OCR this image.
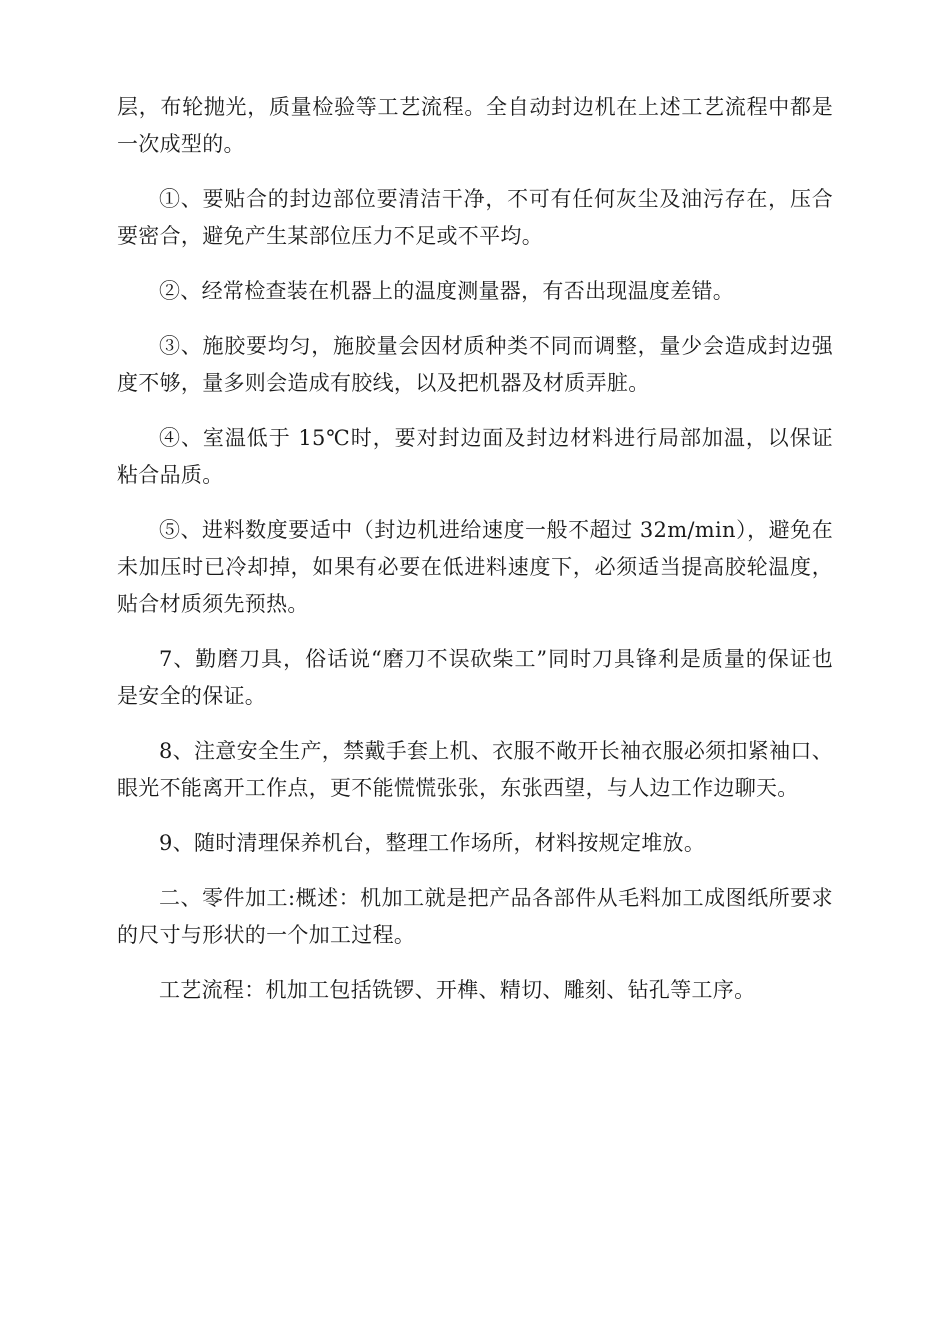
层，布轮抛光，质量检验等工艺流程。全自动封边机在上述工艺流程中都是一次成型的。

①、要贴合的封边部位要清洁干净，不可有任何灰尘及油污存在，压合要密合，避免产生某部位压力不足或不平均。

②、经常检查装在机器上的温度测量器，有否出现温度差错。

③、施胶要均匀，施胶量会因材质种类不同而调整，量少会造成封边强度不够，量多则会造成有胶线，以及把机器及材质弄脏。

④、室温低于 15℃时，要对封边面及封边材料进行局部加温，以保证粘合品质。

⑤、进料数度要适中（封边机进给速度一般不超过 32m/min），避免在未加压时已冷却掉，如果有必要在低进料速度下，必须适当提高胶轮温度，贴合材质须先预热。

7、勤磨刀具，俗话说“磨刀不误砍柴工”同时刀具锋利是质量的保证也是安全的保证。

8、注意安全生产，禁戴手套上机、衣服不敞开长袖衣服必须扣紧袖口、眼光不能离开工作点，更不能慌慌张张，东张西望，与人边工作边聊天。

9、随时清理保养机台，整理工作场所，材料按规定堆放。

二、零件加工:概述：机加工就是把产品各部件从毛料加工成图纸所要求的尺寸与形状的一个加工过程。

工艺流程：机加工包括铣锣、开榫、精切、雕刻、钻孔等工序。
